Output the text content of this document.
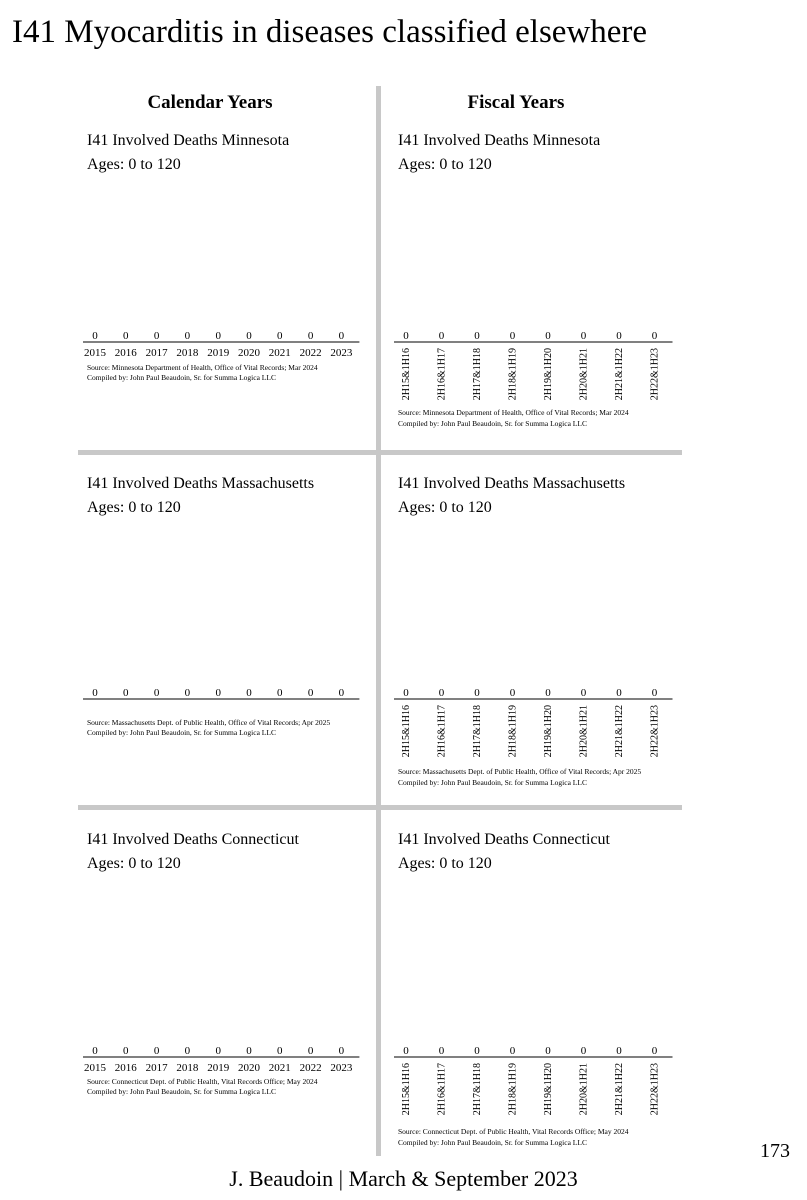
I41 Myocarditis in diseases classified elsewhere
Calendar Years	Fiscal Years
I41 Involved Deaths Minnesota
Ages: 0 to 120
0
2015
0
2016
0
2017
0
2018
0
2019
0
2020
0
2021
0
2022
0
2023
Source: Minnesota Department of Health, Office of Vital Records; Mar 2024
Compiled by: John Paul Beaudoin, Sr. for Summa Logica LLC
I41 Involved Deaths Minnesota
Ages: 0 to 120
0
2H15&1H16
0
2H16&1H17
0
2H17&1H18
0
2H18&1H19
0
2H19&1H20
0
2H20&1H21
0
2H21&1H22
0
2H22&1H23
Source: Minnesota Department of Health, Office of Vital Records; Mar 2024
Compiled by: John Paul Beaudoin, Sr. for Summa Logica LLC
I41 Involved Deaths Massachusetts
Ages: 0 to 120
0 0 0 0 0 0 0 0 0
Source: Massachusetts Dept. of Public Health, Office of Vital Records; Apr 2025
Compiled by: John Paul Beaudoin, Sr. for Summa Logica LLC
I41 Involved Deaths Massachusetts
Ages: 0 to 120
0
2H15&1H16
0
2H16&1H17
0
2H17&1H18
0
2H18&1H19
0
2H19&1H20
0
2H20&1H21
0
2H21&1H22
0
2H22&1H23
Source: Massachusetts Dept. of Public Health, Office of Vital Records; Apr 2025
Compiled by: John Paul Beaudoin, Sr. for Summa Logica LLC
I41 Involved Deaths Connecticut
Ages: 0 to 120
0
2015
0
2016
0
2017
0
2018
0
2019
0
2020
0
2021
0
2022
0
2023
Source: Connecticut Dept. of Public Health, Vital Records Office; May 2024
Compiled by: John Paul Beaudoin, Sr. for Summa Logica LLC
I41 Involved Deaths Connecticut
Ages: 0 to 120
0
2H15&1H16
0
2H16&1H17
0
2H17&1H18
0
2H18&1H19
0
2H19&1H20
0
2H20&1H21
0
2H21&1H22
0
2H22&1H23
Source: Connecticut Dept. of Public Health, Vital Records Office; May 2024
Compiled by: John Paul Beaudoin, Sr. for Summa Logica LLC	173
J. Beaudoin | March & September 2023
